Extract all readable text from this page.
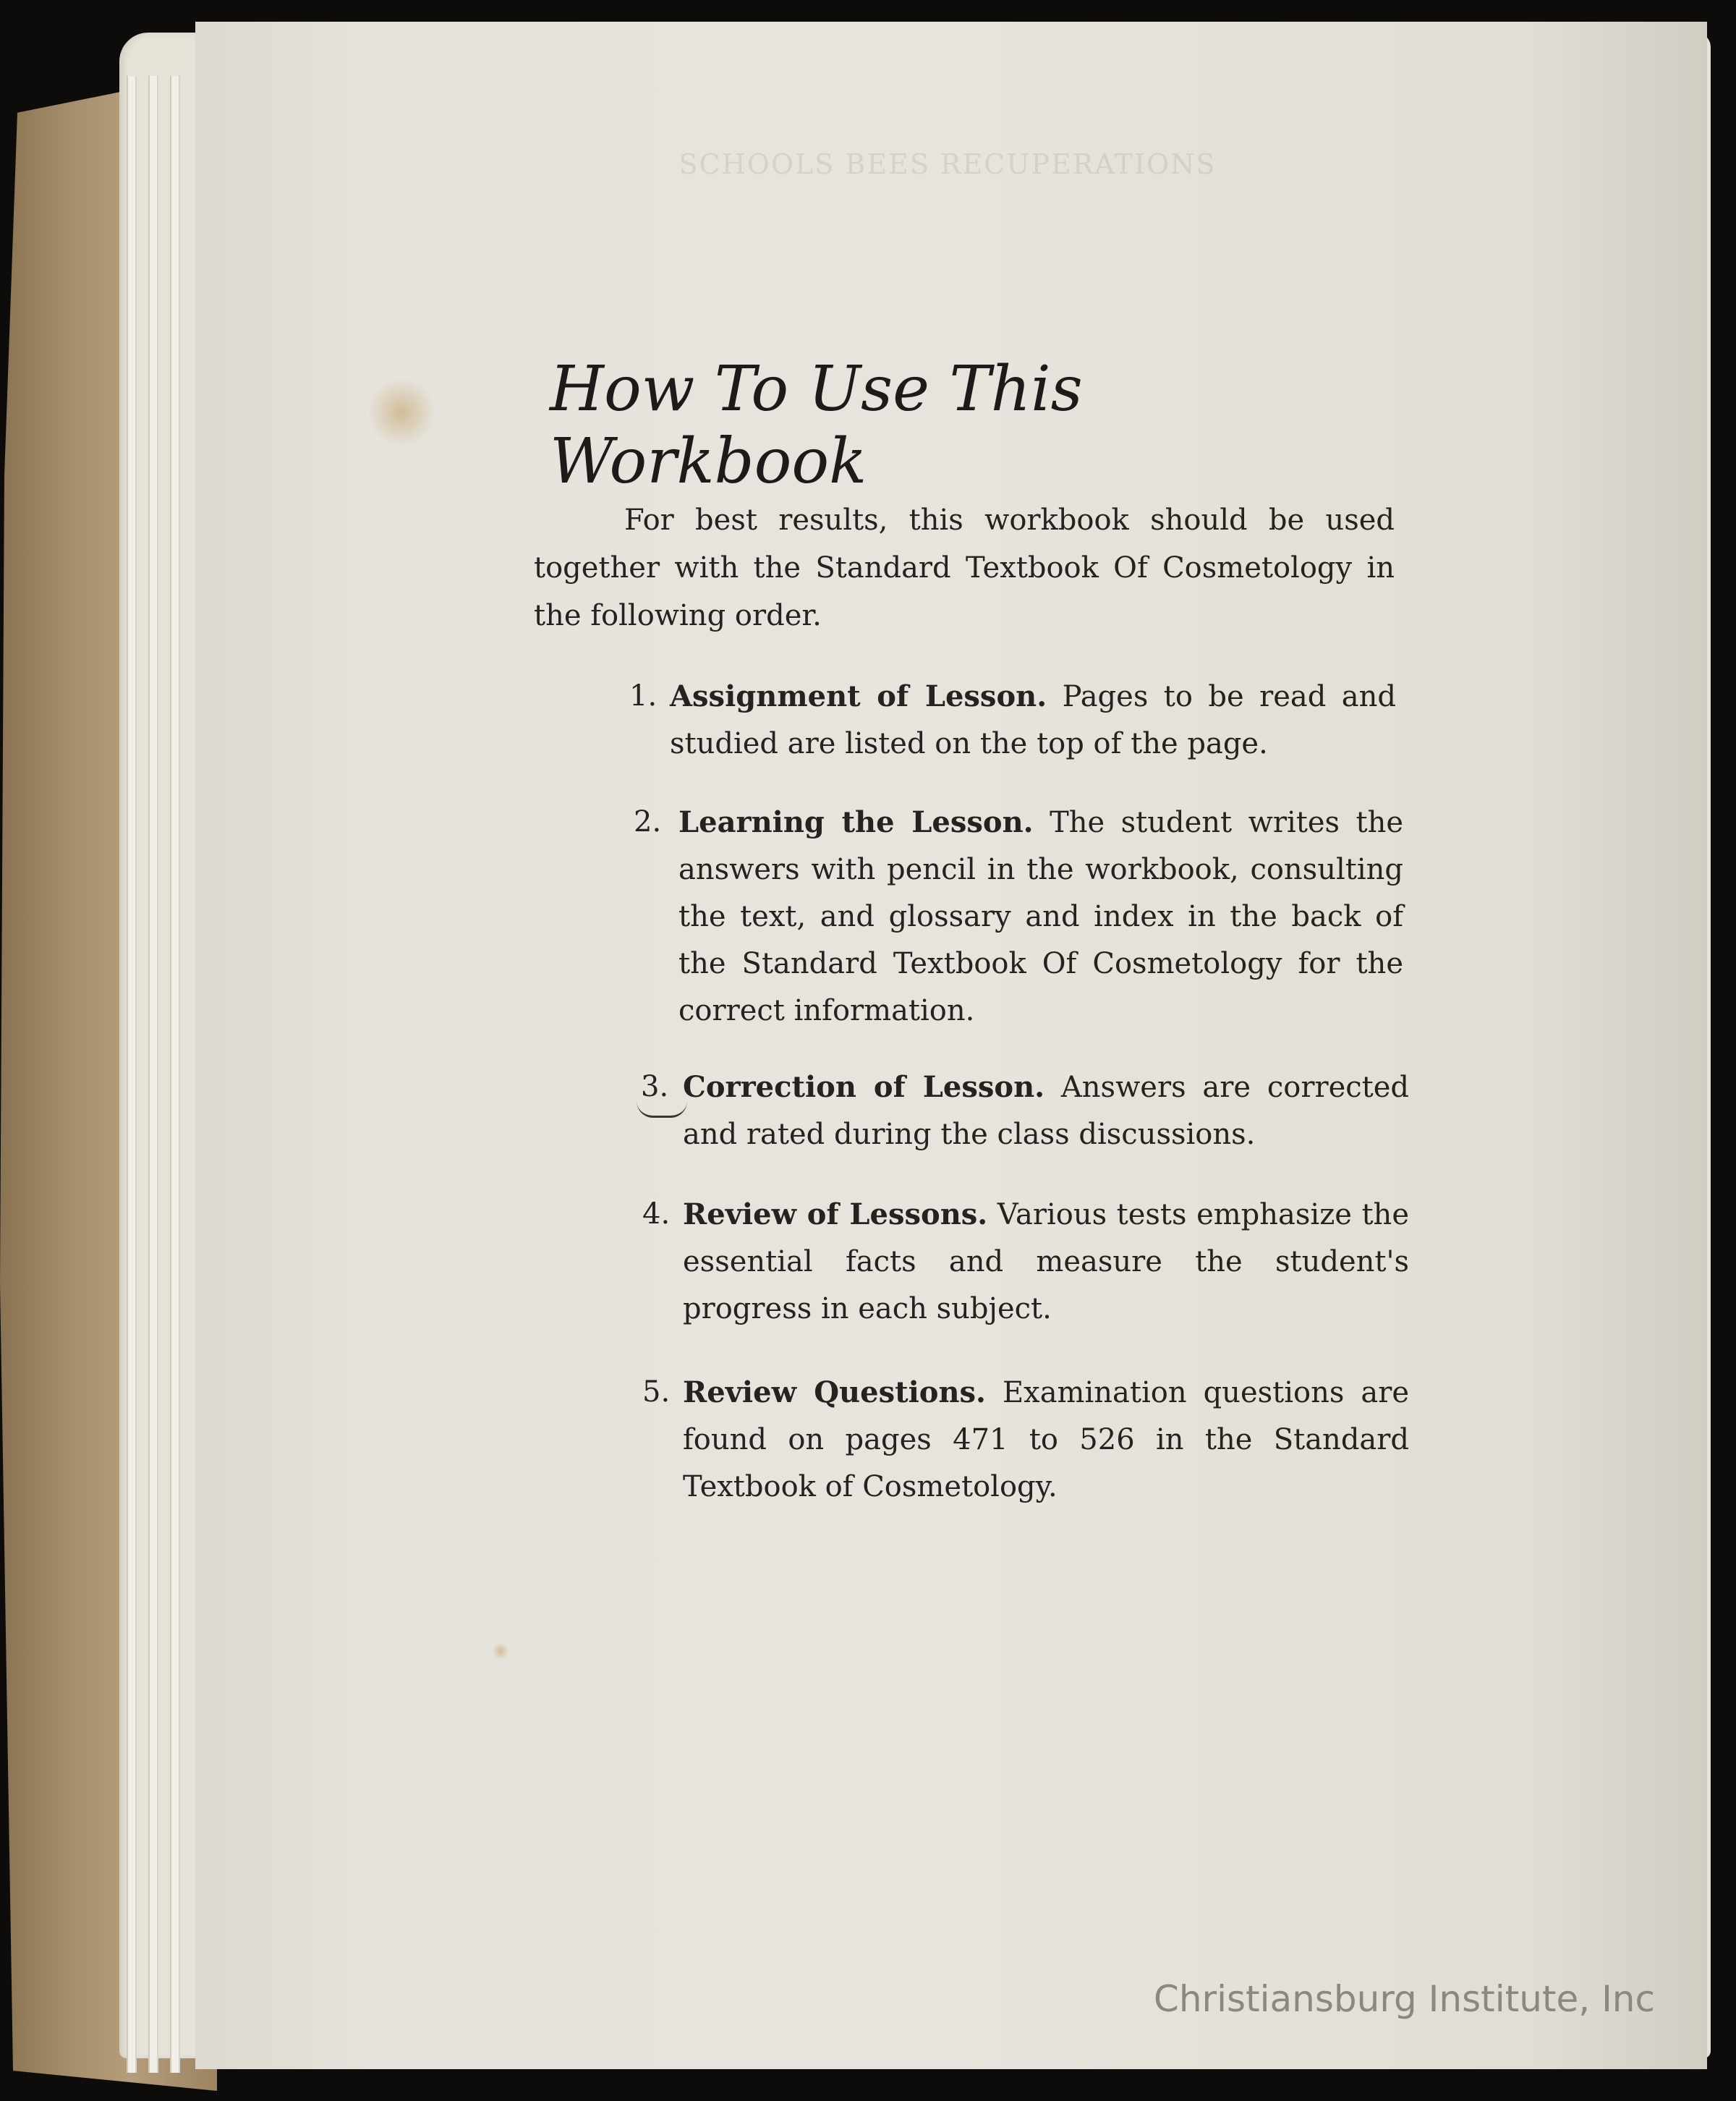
SCHOOLS BEES RECUPERATIONS
How To Use This Workbook

For best results, this workbook should be used together with the Standard Textbook Of Cosmetology in the following order.

1. Assignment of Lesson. Pages to be read and studied are listed on the top of the page.
2. Learning the Lesson. The student writes the answers with pencil in the workbook, consulting the text, and glossary and index in the back of the Standard Textbook Of Cosmetology for the correct information.
3. Correction of Lesson. Answers are corrected and rated during the class discussions.
4. Review of Lessons. Various tests emphasize the essential facts and measure the student's progress in each subject.
5. Review Questions. Examination questions are found on pages 471 to 526 in the Standard Textbook of Cosmetology.
Christiansburg Institute, Inc
